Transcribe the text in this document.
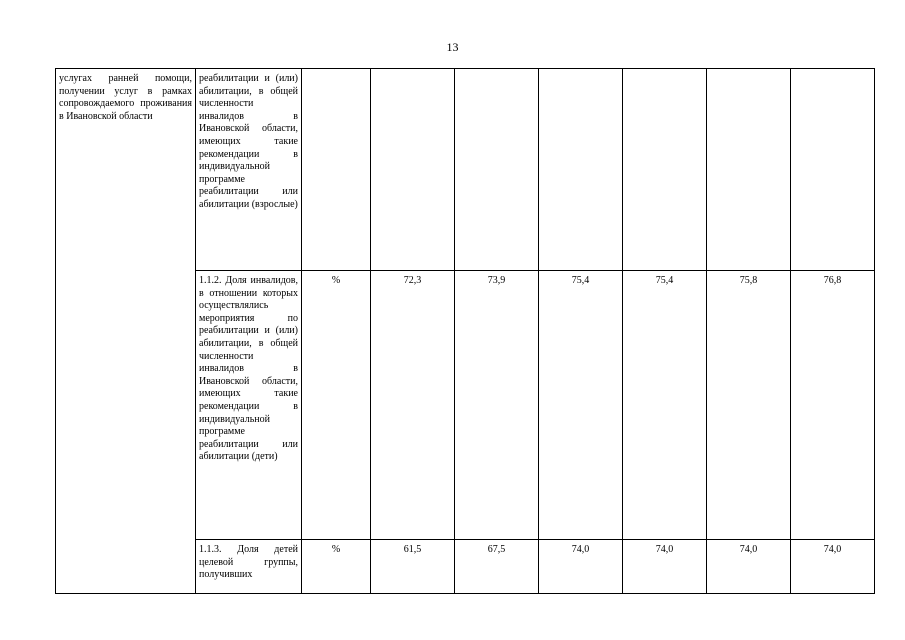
13
услугах ранней помощи, получении услуг в рамках сопровождаемого проживания в Ивановской области	реабилитации и (или) абилитации, в общей численности инвалидов в Ивановской области, имеющих такие рекомендации в индивидуальной программе реабилитации или абилитации (взрослые)							
	1.1.2. Доля инвалидов, в отношении которых осуществлялись мероприятия по реабилитации и (или) абилитации, в общей численности инвалидов в Ивановской области, имеющих такие рекомендации в индивидуальной программе реабилитации или абилитации (дети)	%	72,3	73,9	75,4	75,4	75,8	76,8
	1.1.3. Доля детей целевой группы, получивших	%	61,5	67,5	74,0	74,0	74,0	74,0
